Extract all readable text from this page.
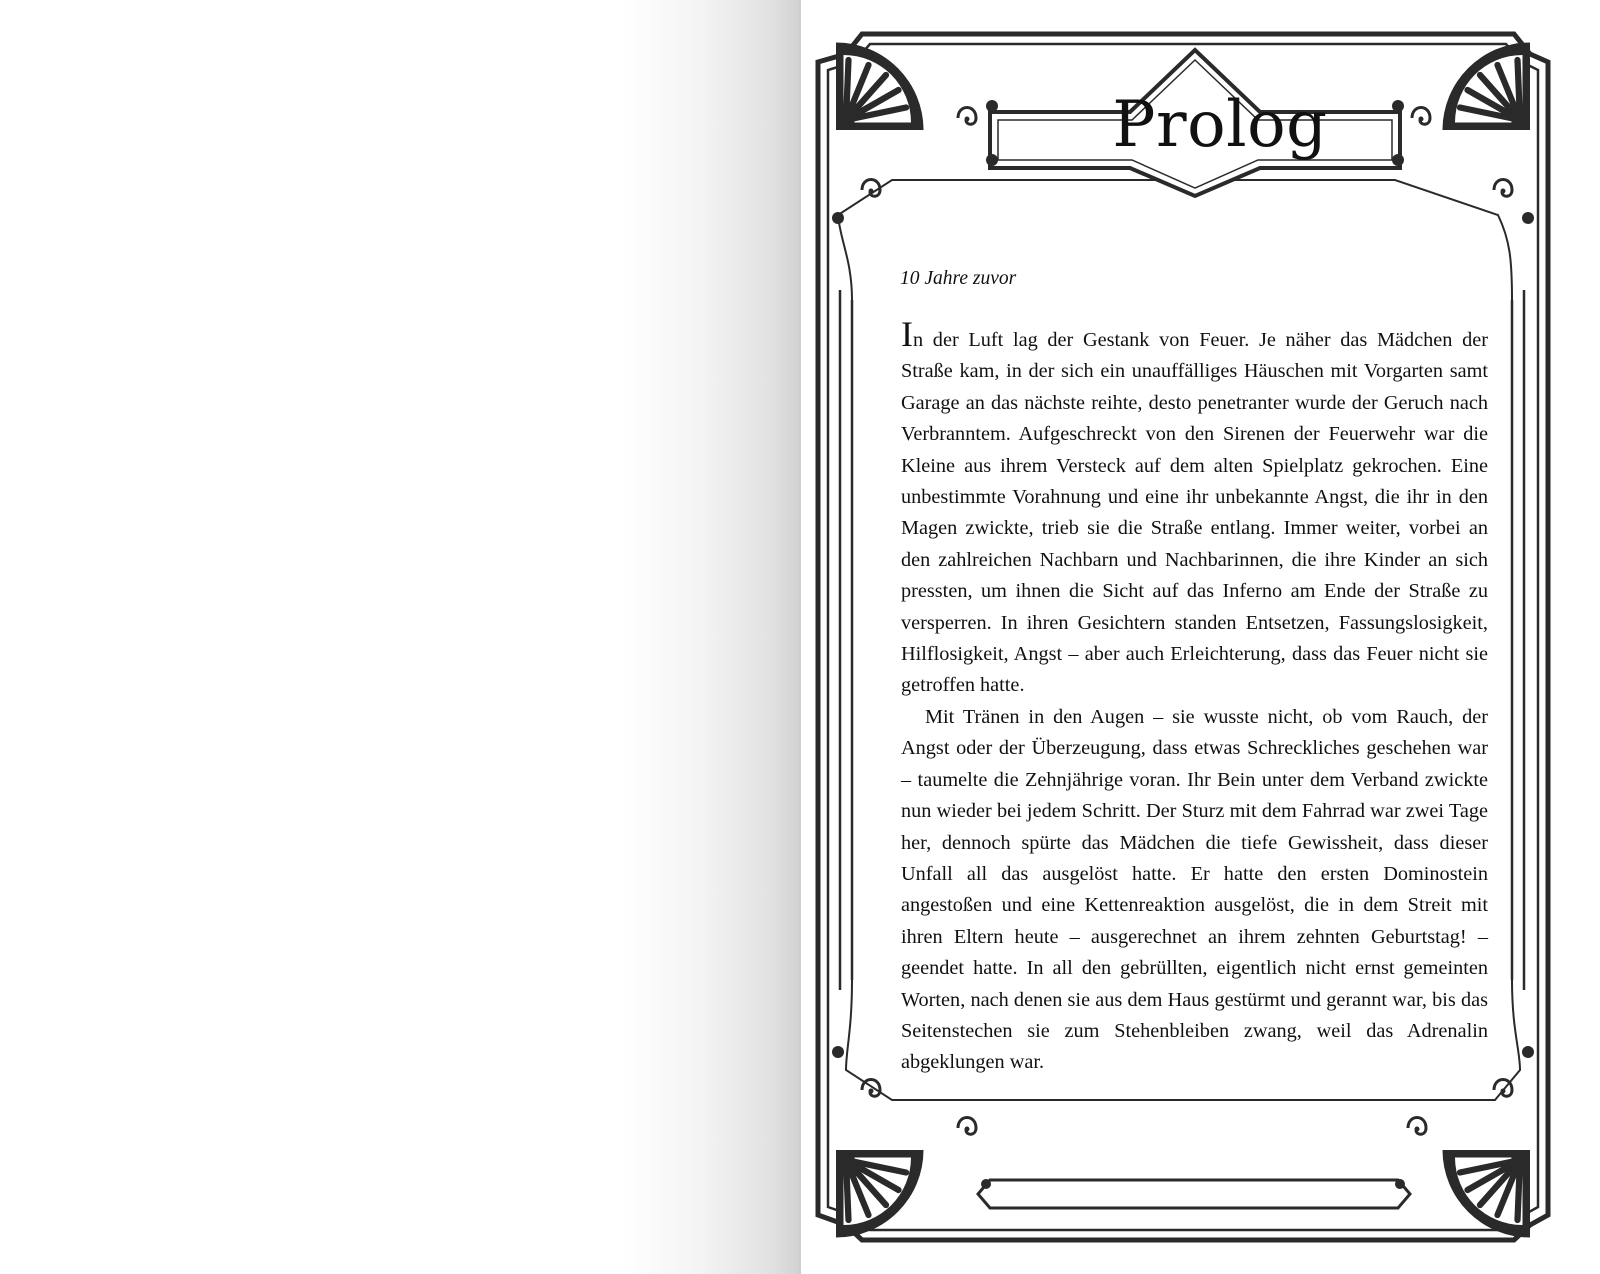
Prolog
10 Jahre zuvor

In der Luft lag der Gestank von Feuer. Je näher das Mädchen der Straße kam, in der sich ein unauffälliges Häuschen mit Vorgarten samt Garage an das nächste reihte, desto penetranter wurde der Geruch nach Verbranntem. Aufgeschreckt von den Sirenen der Feuerwehr war die Kleine aus ihrem Versteck auf dem alten Spielplatz gekrochen. Eine unbestimmte Vorahnung und eine ihr unbekannte Angst, die ihr in den Magen zwickte, trieb sie die Straße entlang. Immer weiter, vorbei an den zahlreichen Nachbarn und Nachbarinnen, die ihre Kinder an sich pressten, um ihnen die Sicht auf das Inferno am Ende der Straße zu versperren. In ihren Gesichtern standen Entsetzen, Fassungslosigkeit, Hilflosigkeit, Angst – aber auch Erleichterung, dass das Feuer nicht sie getroffen hatte.

Mit Tränen in den Augen – sie wusste nicht, ob vom Rauch, der Angst oder der Überzeugung, dass etwas Schreckliches geschehen war – taumelte die Zehnjährige voran. Ihr Bein unter dem Verband zwickte nun wieder bei jedem Schritt. Der Sturz mit dem Fahrrad war zwei Tage her, dennoch spürte das Mädchen die tiefe Gewissheit, dass dieser Unfall all das ausgelöst hatte. Er hatte den ersten Dominostein angestoßen und eine Kettenreaktion ausgelöst, die in dem Streit mit ihren Eltern heute – ausgerechnet an ihrem zehnten Geburtstag! – geendet hatte. In all den gebrüllten, eigentlich nicht ernst gemeinten Worten, nach denen sie aus dem Haus gestürmt und gerannt war, bis das Seitenstechen sie zum Stehenbleiben zwang, weil das Adrenalin abgeklungen war.
